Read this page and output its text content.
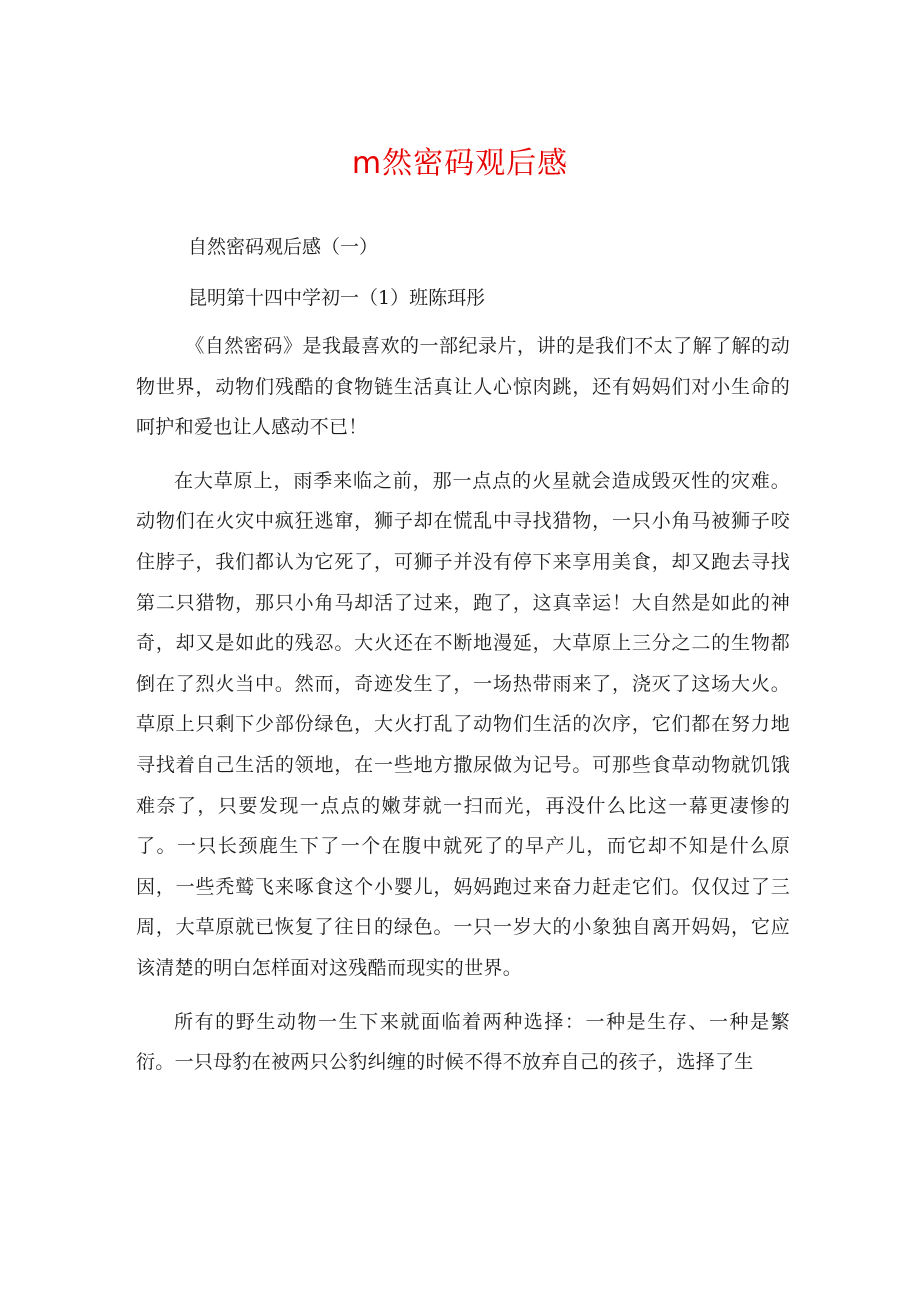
m然密码观后感

自然密码观后感（一）

昆明第十四中学初一（1）班陈珥彤

《自然密码》是我最喜欢的一部纪录片，讲的是我们不太了解了解的动物世界，动物们残酷的食物链生活真让人心惊肉跳，还有妈妈们对小生命的呵护和爱也让人感动不已！

在大草原上，雨季来临之前，那一点点的火星就会造成毁灭性的灾难。动物们在火灾中疯狂逃窜，狮子却在慌乱中寻找猎物，一只小角马被狮子咬住脖子，我们都认为它死了，可狮子并没有停下来享用美食，却又跑去寻找第二只猎物，那只小角马却活了过来，跑了，这真幸运！大自然是如此的神奇，却又是如此的残忍。大火还在不断地漫延，大草原上三分之二的生物都倒在了烈火当中。然而，奇迹发生了，一场热带雨来了，浇灭了这场大火。草原上只剩下少部份绿色，大火打乱了动物们生活的次序，它们都在努力地寻找着自己生活的领地，在一些地方撒尿做为记号。可那些食草动物就饥饿难奈了，只要发现一点点的嫩芽就一扫而光，再没什么比这一幕更凄惨的了。一只长颈鹿生下了一个在腹中就死了的早产儿，而它却不知是什么原因，一些秃鹫飞来啄食这个小婴儿，妈妈跑过来奋力赶走它们。仅仅过了三周，大草原就已恢复了往日的绿色。一只一岁大的小象独自离开妈妈，它应该清楚的明白怎样面对这残酷而现实的世界。

所有的野生动物一生下来就面临着两种选择：一种是生存、一种是繁衍。一只母豹在被两只公豹纠缠的时候不得不放弃自己的孩子，选择了生
